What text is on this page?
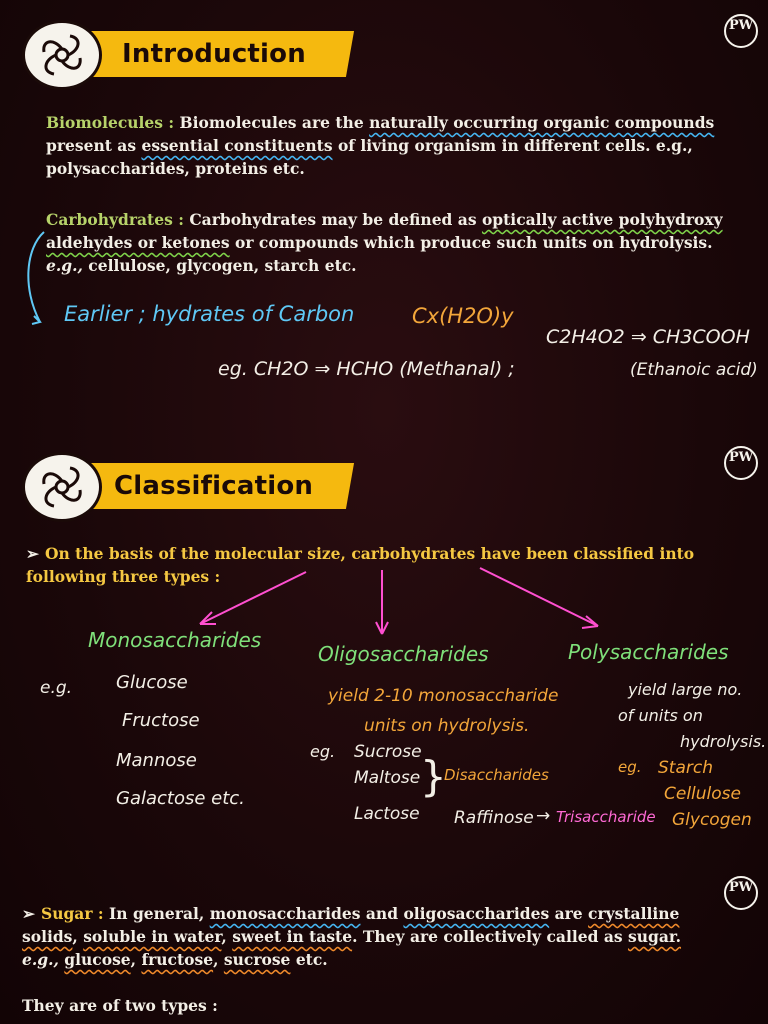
Introduction
PW
Biomolecules : Biomolecules are the naturally occurring organic compounds present as essential constituents of living organism in different cells. e.g., polysaccharides, proteins etc.
Carbohydrates : Carbohydrates may be defined as optically active polyhydroxy aldehydes or ketones or compounds which produce such units on hydrolysis. e.g., cellulose, glycogen, starch etc.
Earlier ; hydrates of Carbon	Cx(H2O)y
eg. CH2O ⇒ HCHO (Methanal) ;
C2H4O2 ⇒ CH3COOH
(Ethanoic acid)
Classification
PW
➢ On the basis of the molecular size, carbohydrates have been classified into following three types :
Monosaccharides
e.g. Glucose
Fructose
Mannose
Galactose etc.
Oligosaccharides
yield 2-10 monosaccharide
units on hydrolysis.
eg. Sucrose
Maltose
Lactose
}
Disaccharides
Raffinose → Trisaccharide
Polysaccharides
yield large no.
of units on
hydrolysis.
eg. Starch
Cellulose
Glycogen
PW
➢ Sugar : In general, monosaccharides and oligosaccharides are crystalline solids, soluble in water, sweet in taste. They are collectively called as sugar.
e.g., glucose, fructose, sucrose etc.
They are of two types :
